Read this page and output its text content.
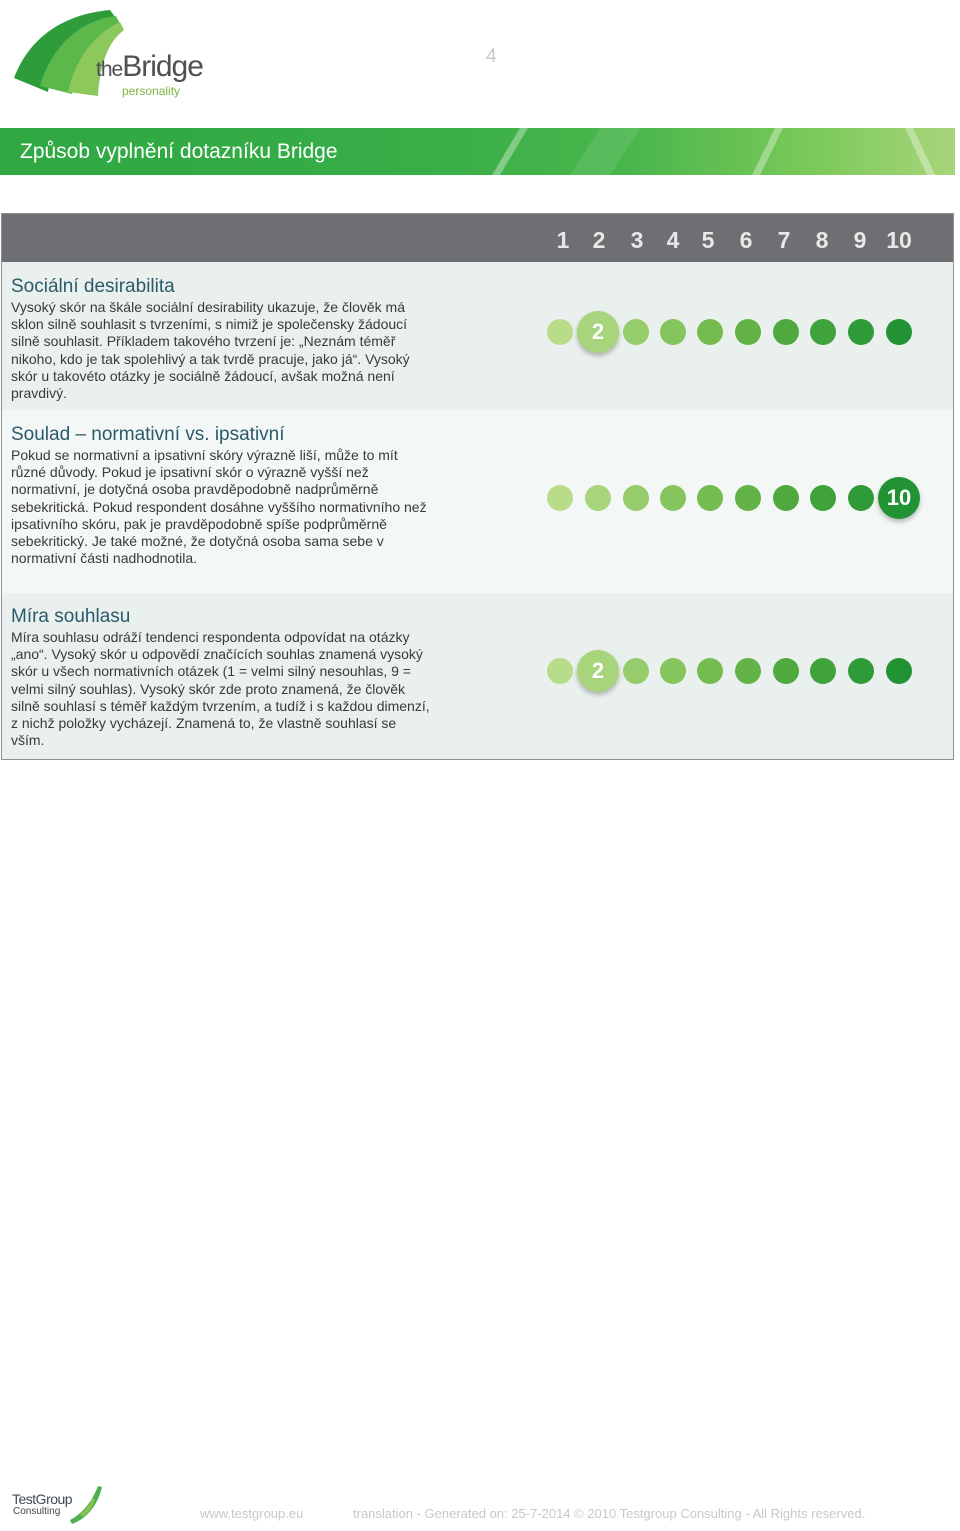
theBridge
personality
4
Způsob vyplnění dotazníku Bridge
1	2	3	4 5	6	7	8	9 10
Sociální desirabilita
Vysoký skór na škále sociální desirability ukazuje, že člověk má sklon silně souhlasit s tvrzeními, s nimiž je společensky žádoucí silně souhlasit. Příkladem takového tvrzení je: „Neznám téměř nikoho, kdo je tak spolehlivý a tak tvrdě pracuje, jako já“. Vysoký skór u takovéto otázky je sociálně žádoucí, avšak možná není pravdivý.
2
Soulad – normativní vs. ipsativní
Pokud se normativní a ipsativní skóry výrazně liší, může to mít různé důvody. Pokud je ipsativní skór o výrazně vyšší než normativní, je dotyčná osoba pravděpodobně nadprůměrně sebekritická. Pokud respondent dosáhne vyššího normativního než ipsativního skóru, pak je pravděpodobně spíše podprůměrně sebekritický. Je také možné, že dotyčná osoba sama sebe v normativní části nadhodnotila.
10
Míra souhlasu
Míra souhlasu odráží tendenci respondenta odpovídat na otázky „ano“. Vysoký skór u odpovědí značících souhlas znamená vysoký skór u všech normativních otázek (1 = velmi silný nesouhlas, 9 = velmi silný souhlas). Vysoký skór zde proto znamená, že člověk silně souhlasí s téměř každým tvrzením, a tudíž i s každou dimenzí, z nichž položky vycházejí. Znamená to, že vlastně souhlasí se vším.
2
TestGroup
Consulting	www.testgroup.eu	translation - Generated on: 25-7-2014 © 2010 Testgroup Consulting - All Rights reserved.
